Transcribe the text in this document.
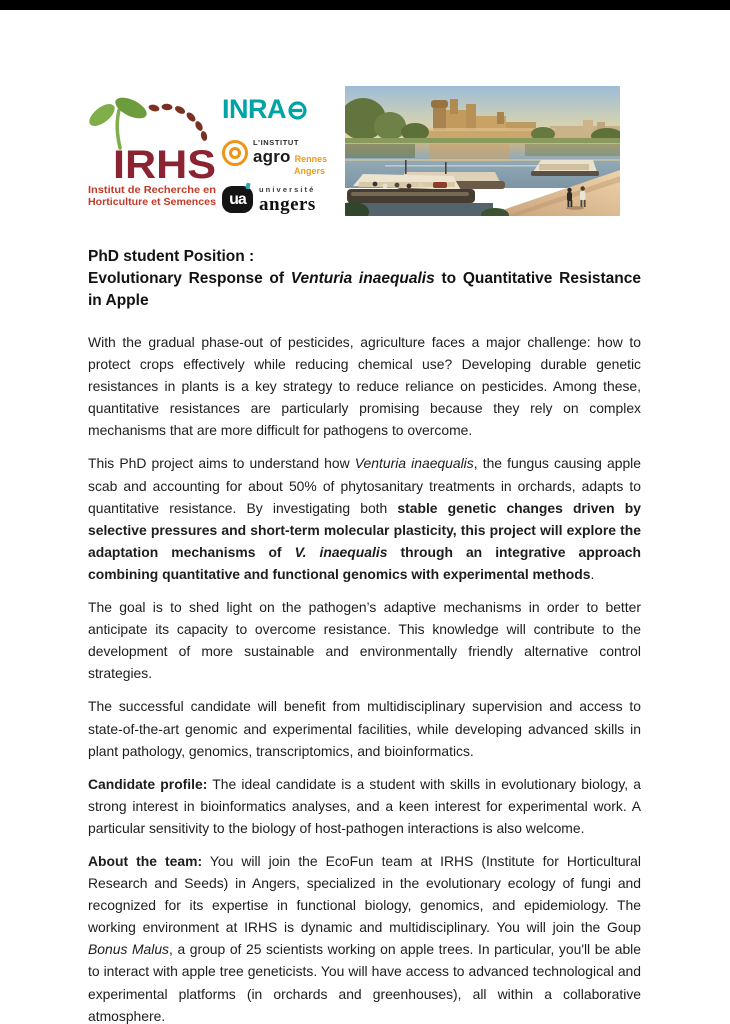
IRHS
Institut de Recherche en
Horticulture et Semences
INRA
L'INSTITUT
agro Rennes
Angers
ua
université
angers
PhD student Position :
Evolutionary Response of Venturia inaequalis to Quantitative Resistance in Apple

With the gradual phase-out of pesticides, agriculture faces a major challenge: how to protect crops effectively while reducing chemical use? Developing durable genetic resistances in plants is a key strategy to reduce reliance on pesticides. Among these, quantitative resistances are particularly promising because they rely on complex mechanisms that are more difficult for pathogens to overcome.

This PhD project aims to understand how Venturia inaequalis, the fungus causing apple scab and accounting for about 50% of phytosanitary treatments in orchards, adapts to quantitative resistance. By investigating both stable genetic changes driven by selective pressures and short-term molecular plasticity, this project will explore the adaptation mechanisms of V. inaequalis through an integrative approach combining quantitative and functional genomics with experimental methods.

The goal is to shed light on the pathogen’s adaptive mechanisms in order to better anticipate its capacity to overcome resistance. This knowledge will contribute to the development of more sustainable and environmentally friendly alternative control strategies.

The successful candidate will benefit from multidisciplinary supervision and access to state-of-the-art genomic and experimental facilities, while developing advanced skills in plant pathology, genomics, transcriptomics, and bioinformatics.

Candidate profile: The ideal candidate is a student with skills in evolutionary biology, a strong interest in bioinformatics analyses, and a keen interest for experimental work. A particular sensitivity to the biology of host-pathogen interactions is also welcome.

About the team: You will join the EcoFun team at IRHS (Institute for Horticultural Research and Seeds) in Angers, specialized in the evolutionary ecology of fungi and recognized for its expertise in functional biology, genomics, and epidemiology. The working environment at IRHS is dynamic and multidisciplinary. You will join the Goup Bonus Malus, a group of 25 scientists working on apple trees. In particular, you'll be able to interact with apple tree geneticists. You will have access to advanced technological and experimental platforms (in orchards and greenhouses), all within a collaborative atmosphere.
